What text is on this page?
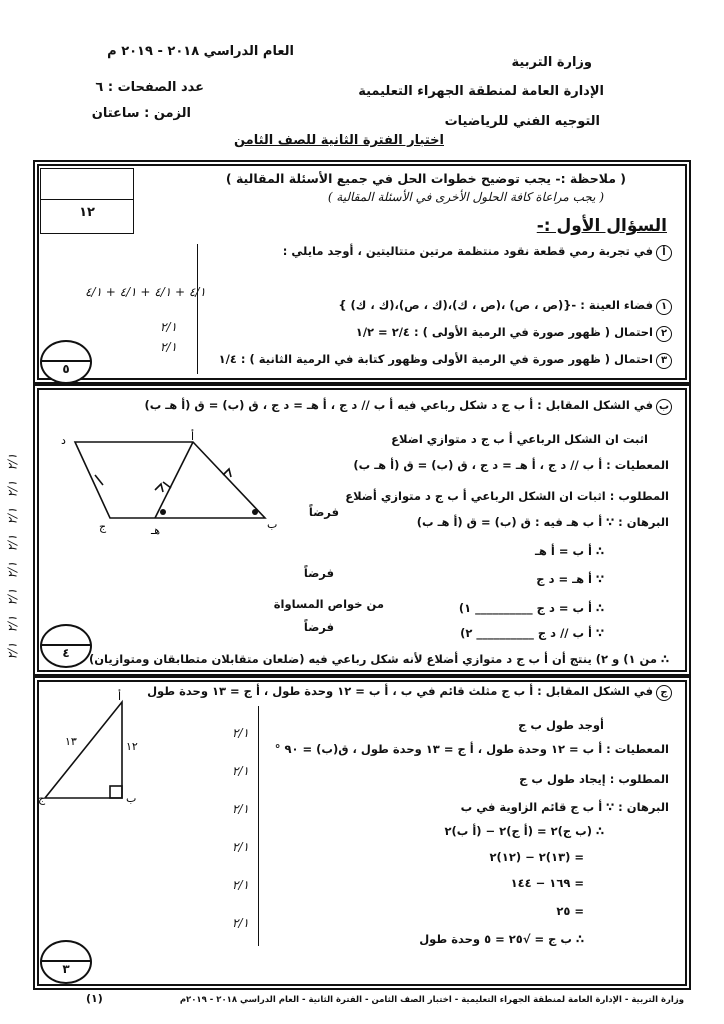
وزارة التربية
الإدارة العامة لمنطقة الجهراء التعليمية
التوجيه الفني للرياضيات
العام الدراسي ٢٠١٨ - ٢٠١٩ م
عدد الصفحات : ٦
الزمن : ساعتان
اختبار الفترة الثانية للصف الثامن
٢/١
٢/١
٢/١
٢/١
٢/١
٢/١
٢/١
٢/١
١٢
( ملاحظة :- يجب توضيح خطوات الحل في جميع الأسئلة المقالية )
( يجب مراعاة كافة الحلول الأخرى في الأسئلة المقالية )
السؤال الأول :-
أفي تجربة رمي قطعة نقود منتظمة مرتين متتاليتين ، أوجد مايلي :
١فضاء العينة : -{(ص ، ص) ،(ص ، ك)،(ك ، ص)،(ك ، ك) }
٢احتمال ( ظهور صورة في الرمية الأولى ) : ٢/٤ = ١/٢
٣احتمال ( ظهور صورة في الرمية الأولى وظهور كتابة في الرمية الثانية ) : ١/٤
٤/١ + ٤/١ + ٤/١ + ٤/١
٢/١
٢/١
٥
بفي الشكل المقابل : أ ب ج د شكل رباعي فيه أ ب // د ج ، أ هـ = د ج ، ق (ب) = ق (أ هـ ب)
اثبت ان الشكل الرباعي أ ب ج د متوازي اضلاع
المعطيات : أ ب // د ج ، أ هـ = د ج ، ق (ب) = ق (أ هـ ب)
المطلوب : اثبات ان الشكل الرباعي أ ب ج د متوازي أضلاع
البرهان : ∵ أ ب هـ فيه : ق (ب) = ق (أ هـ ب)
فرضاً
∴ أ ب = أ هـ
فرضاً	∵ أ هـ = د ج
من خواص المساواة	∴ أ ب = د ج __________ ١)
فرضاً	∵ أ ب // د ج __________ ٢)
∴ من ١) و ٢) ينتج أن أ ب ج د متوازي أضلاع لأنه شكل رباعي فيه (ضلعان متقابلان متطابقان ومتوازيان)
٤
أ
ب
ج
د
هـ
جفي الشكل المقابل : أ ب ج مثلث قائم في ب ، أ ب = ١٢ وحدة طول ، أ ج = ١٣ وحدة طول
أوجد طول ب ج
المعطيات : أ ب = ١٢ وحدة طول ، أ ج = ١٣ وحدة طول ، ق(ب) = ٩٠ °
المطلوب : إيجاد طول ب ج
البرهان : ∵ أ ب ج قائم الزاوية في ب
∴ (ب ج)٢ = (أ ج)٢ − (أ ب)٢
= (١٣)٢ − (١٢)٢
= ١٦٩ − ١٤٤
= ٢٥
∴ ب ج = √٢٥ = ٥ وحدة طول
٢/١
٢/١
٢/١
٢/١
٢/١
٢/١
٣
أ
ب
ج
١٢
١٣
وزارة التربية - الإدارة العامة لمنطقة الجهراء التعليمية - اختبار الصف الثامن - الفترة الثانية - العام الدراسي ٢٠١٨ - ٢٠١٩م
(١)
